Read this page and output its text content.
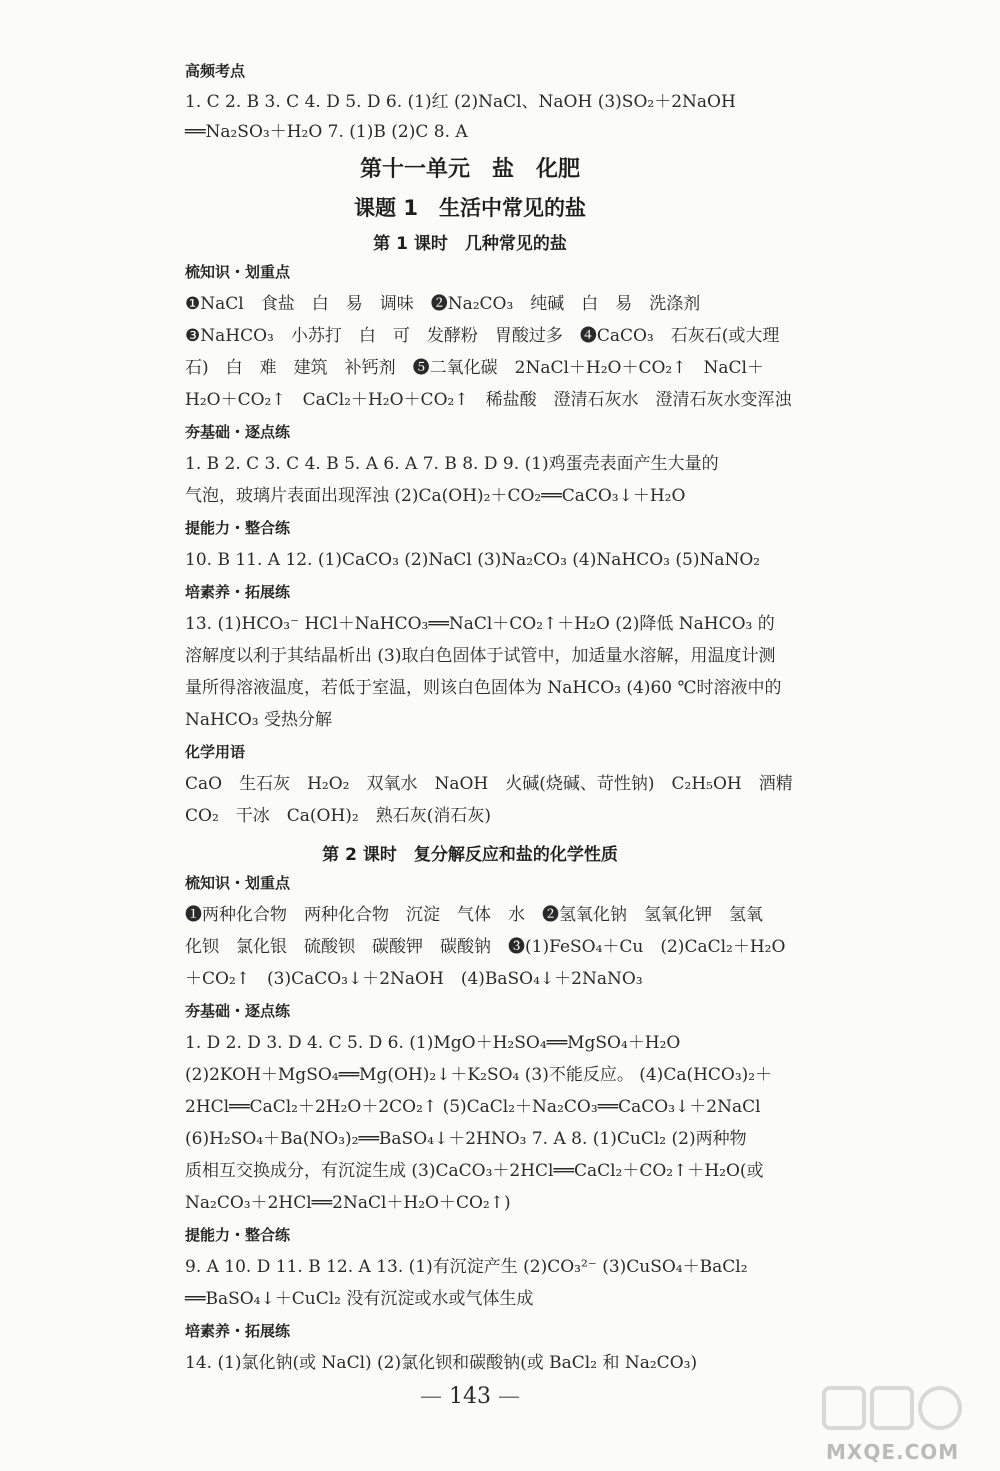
高频考点
1. C 2. B 3. C 4. D 5. D 6. (1)红 (2)NaCl、NaOH (3)SO₂＋2NaOH
══Na₂SO₃＋H₂O 7. (1)B (2)C 8. A
第十一单元　盐　化肥
课题 1　生活中常见的盐
第 1 课时　几种常见的盐
第 2 课时　复分解反应和盐的化学性质
梳知识・划重点
❶NaCl　食盐　白　易　调味　❷Na₂CO₃　纯碱　白　易　洗涤剂
❸NaHCO₃　小苏打　白　可　发酵粉　胃酸过多　❹CaCO₃　石灰石(或大理
石)　白　难　建筑　补钙剂　❺二氧化碳　2NaCl＋H₂O＋CO₂↑　NaCl＋
H₂O＋CO₂↑　CaCl₂＋H₂O＋CO₂↑　稀盐酸　澄清石灰水　澄清石灰水变浑浊
夯基础・逐点练
1. B 2. C 3. C 4. B 5. A 6. A 7. B 8. D 9. (1)鸡蛋壳表面产生大量的
气泡，玻璃片表面出现浑浊 (2)Ca(OH)₂＋CO₂══CaCO₃↓＋H₂O
提能力・整合练
10. B 11. A 12. (1)CaCO₃ (2)NaCl (3)Na₂CO₃ (4)NaHCO₃ (5)NaNO₂
培素养・拓展练
13. (1)HCO₃⁻ HCl＋NaHCO₃══NaCl＋CO₂↑＋H₂O (2)降低 NaHCO₃ 的
溶解度以利于其结晶析出 (3)取白色固体于试管中，加适量水溶解，用温度计测
量所得溶液温度，若低于室温，则该白色固体为 NaHCO₃ (4)60 ℃时溶液中的
NaHCO₃ 受热分解
化学用语
CaO　生石灰　H₂O₂　双氧水　NaOH　火碱(烧碱、苛性钠)　C₂H₅OH　酒精
CO₂　干冰　Ca(OH)₂　熟石灰(消石灰)
梳知识・划重点
❶两种化合物　两种化合物　沉淀　气体　水　❷氢氧化钠　氢氧化钾　氢氧
化钡　氯化银　硫酸钡　碳酸钾　碳酸钠　❸(1)FeSO₄＋Cu　(2)CaCl₂＋H₂O
＋CO₂↑　(3)CaCO₃↓＋2NaOH　(4)BaSO₄↓＋2NaNO₃
夯基础・逐点练
1. D 2. D 3. D 4. C 5. D 6. (1)MgO＋H₂SO₄══MgSO₄＋H₂O
(2)2KOH＋MgSO₄══Mg(OH)₂↓＋K₂SO₄ (3)不能反应。 (4)Ca(HCO₃)₂＋
2HCl══CaCl₂＋2H₂O＋2CO₂↑ (5)CaCl₂＋Na₂CO₃══CaCO₃↓＋2NaCl
(6)H₂SO₄＋Ba(NO₃)₂══BaSO₄↓＋2HNO₃ 7. A 8. (1)CuCl₂ (2)两种物
质相互交换成分，有沉淀生成 (3)CaCO₃＋2HCl══CaCl₂＋CO₂↑＋H₂O(或
Na₂CO₃＋2HCl══2NaCl＋H₂O＋CO₂↑)
提能力・整合练
9. A 10. D 11. B 12. A 13. (1)有沉淀产生 (2)CO₃²⁻ (3)CuSO₄＋BaCl₂
══BaSO₄↓＋CuCl₂ 没有沉淀或水或气体生成
培素养・拓展练
14. (1)氯化钠(或 NaCl) (2)氯化钡和碳酸钠(或 BaCl₂ 和 Na₂CO₃)
— 143 —
MXQE.COM
